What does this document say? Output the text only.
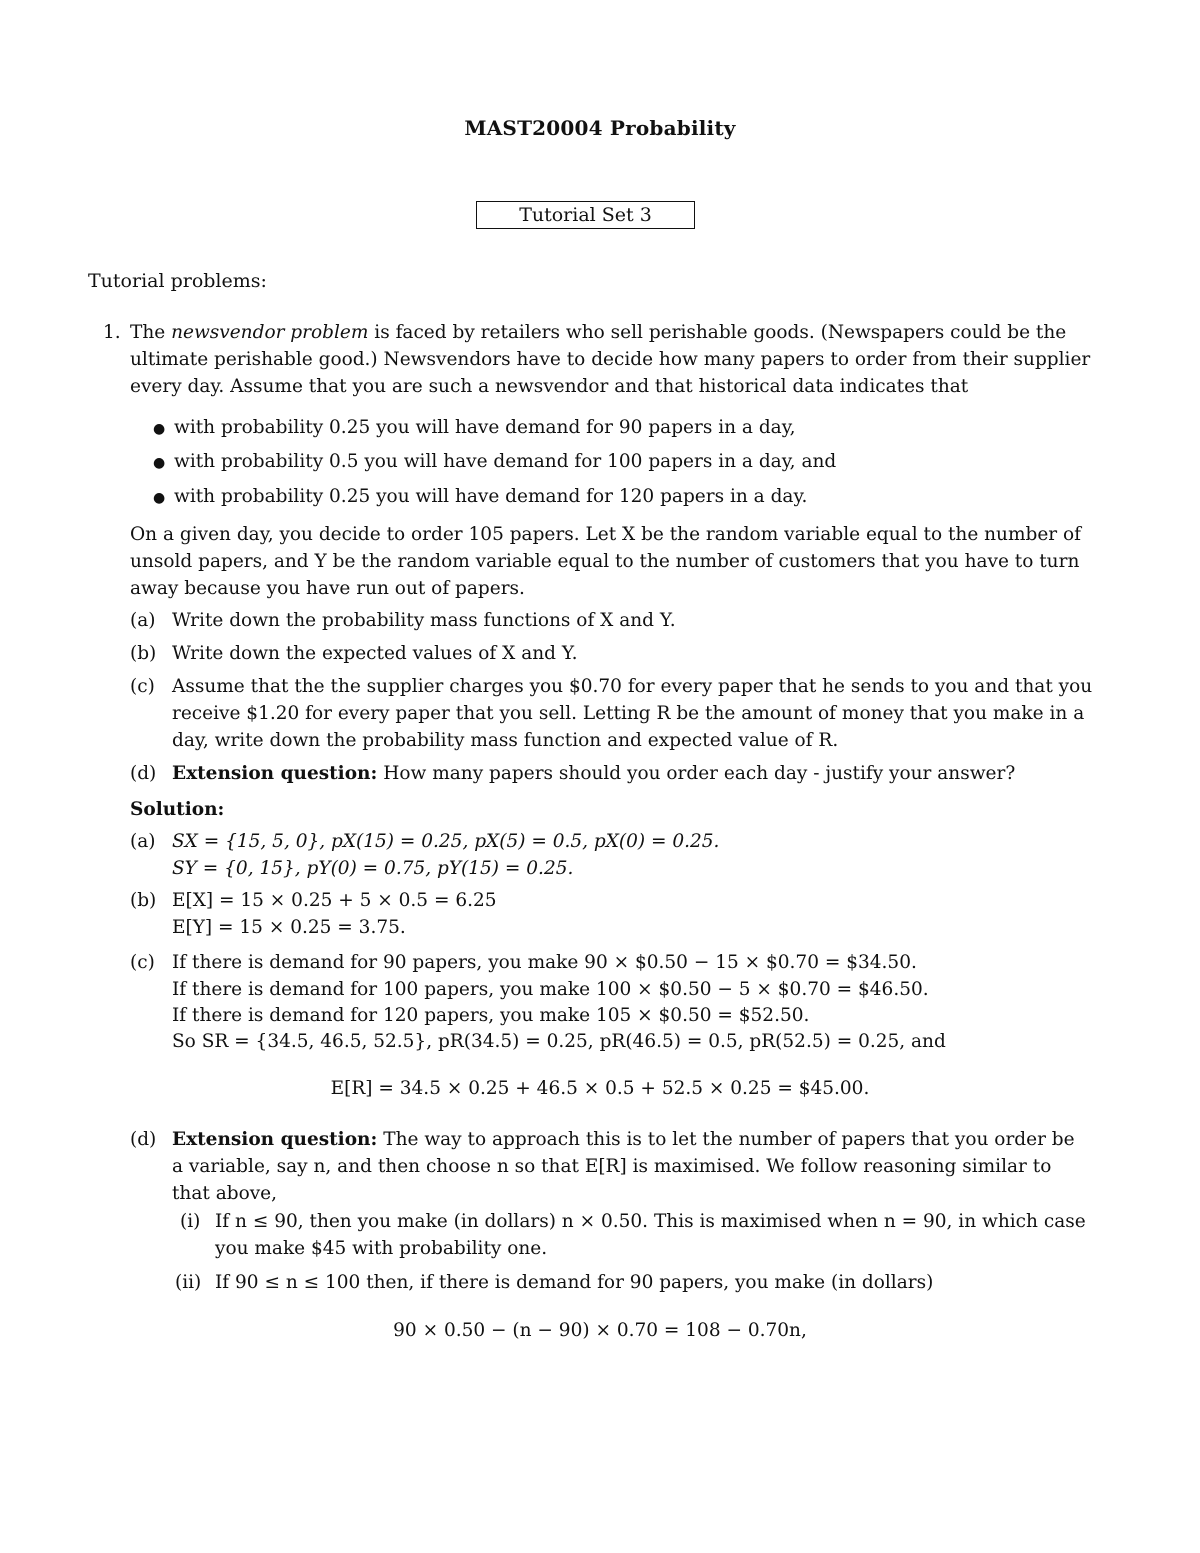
MAST20004 Probability
Tutorial Set 3
Tutorial problems:
1. The newsvendor problem is faced by retailers who sell perishable goods. (Newspapers could be the
ultimate perishable good.) Newsvendors have to decide how many papers to order from their supplier
every day. Assume that you are such a newsvendor and that historical data indicates that
● with probability 0.25 you will have demand for 90 papers in a day,
● with probability 0.5 you will have demand for 100 papers in a day, and
● with probability 0.25 you will have demand for 120 papers in a day.
On a given day, you decide to order 105 papers. Let X be the random variable equal to the number of
unsold papers, and Y be the random variable equal to the number of customers that you have to turn
away because you have run out of papers.
(a) Write down the probability mass functions of X and Y.
(b) Write down the expected values of X and Y.
(c) Assume that the the supplier charges you $0.70 for every paper that he sends to you and that you
receive $1.20 for every paper that you sell. Letting R be the amount of money that you make in a
day, write down the probability mass function and expected value of R.
(d) Extension question: How many papers should you order each day - justify your answer?
Solution:
(a) SX = {15, 5, 0}, pX(15) = 0.25, pX(5) = 0.5, pX(0) = 0.25.
SY = {0, 15}, pY(0) = 0.75, pY(15) = 0.25.
(b) E[X] = 15 × 0.25 + 5 × 0.5 = 6.25
E[Y] = 15 × 0.25 = 3.75.
(c) If there is demand for 90 papers, you make 90 × $0.50 − 15 × $0.70 = $34.50.
If there is demand for 100 papers, you make 100 × $0.50 − 5 × $0.70 = $46.50.
If there is demand for 120 papers, you make 105 × $0.50 = $52.50.
So SR = {34.5, 46.5, 52.5}, pR(34.5) = 0.25, pR(46.5) = 0.5, pR(52.5) = 0.25, and
E[R] = 34.5 × 0.25 + 46.5 × 0.5 + 52.5 × 0.25 = $45.00.
(d) Extension question: The way to approach this is to let the number of papers that you order be
a variable, say n, and then choose n so that E[R] is maximised. We follow reasoning similar to
that above,
(i) If n ≤ 90, then you make (in dollars) n × 0.50. This is maximised when n = 90, in which case
you make $45 with probability one.
(ii) If 90 ≤ n ≤ 100 then, if there is demand for 90 papers, you make (in dollars)
90 × 0.50 − (n − 90) × 0.70 = 108 − 0.70n,
